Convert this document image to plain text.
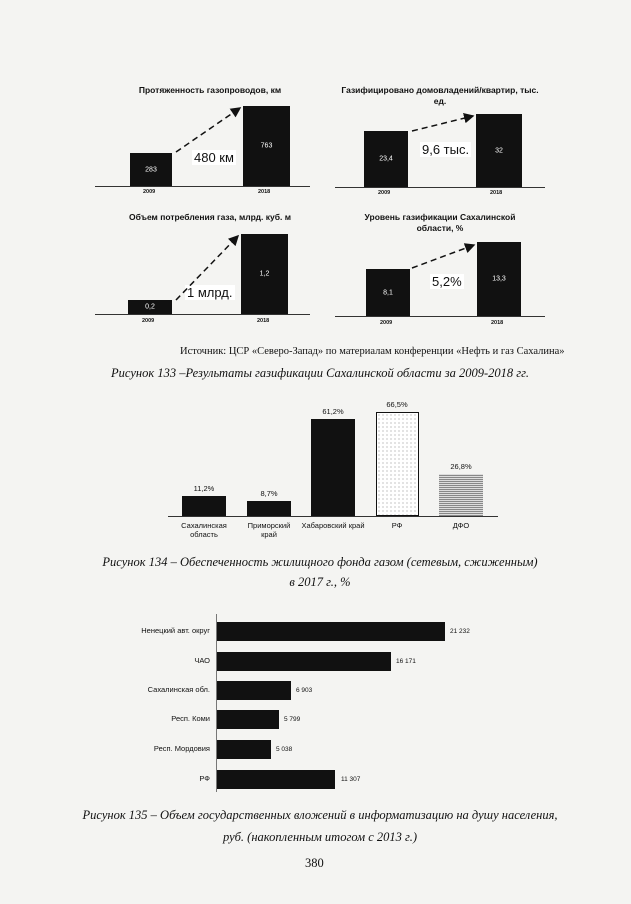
Протяженность газопроводов, км
283
763
2009	2018
480 км
Газифицировано домовладений/квартир, тыс. ед.
23,4
32
2009	2018
9,6 тыс.
Объем потребления газа, млрд. куб. м
0,2
1,2
2009	2018
1 млрд.
Уровень газификации Сахалинской области, %
8,1
13,3
2009	2018
5,2%
Источник: ЦСР «Северо-Запад» по материалам конференции «Нефть и газ Сахалина»
Рисунок 133 –Результаты газификации Сахалинской области за 2009-2018 гг.
11,2%
8,7%
61,2%
66,5%
26,8%
Сахалинская область
Приморский край
Хабаровский край	РФ	ДФО
Рисунок 134 – Обеспеченность жилищного фонда газом (сетевым, сжиженным)
в 2017 г., %
Ненецкий авт. округ	21 232
ЧАО	16 171
Сахалинская обл.	6 903
Респ. Коми	5 799
Респ. Мордовия	5 038
РФ	11 307
Рисунок 135 – Объем государственных вложений в информатизацию на душу населения,
руб. (накопленным итогом с 2013 г.)
380
